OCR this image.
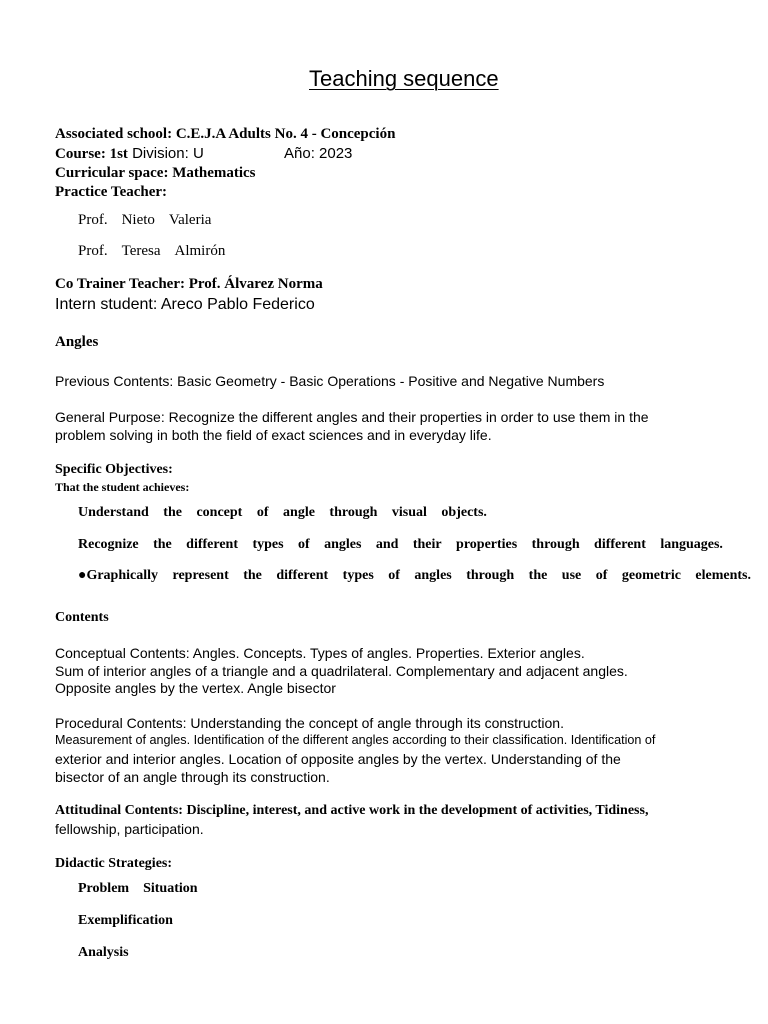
Teaching sequence
Associated school: C.E.J.A Adults No. 4 - Concepción
Course: 1st Division: U	Año: 2023
Curricular space: Mathematics
Practice Teacher:
Prof. Nieto Valeria
Prof. Teresa Almirón
Co Trainer Teacher: Prof. Álvarez Norma
Intern student: Areco Pablo Federico
Angles
Previous Contents: Basic Geometry - Basic Operations - Positive and Negative Numbers
General Purpose: Recognize the different angles and their properties in order to use them in the
problem solving in both the field of exact sciences and in everyday life.
Specific Objectives:
That the student achieves:
Understand the concept of angle through visual objects.
Recognize the different types of angles and their properties through different languages.
●Graphically represent the different types of angles through the use of geometric elements.
Contents
Conceptual Contents: Angles. Concepts. Types of angles. Properties. Exterior angles.
Sum of interior angles of a triangle and a quadrilateral. Complementary and adjacent angles.
Opposite angles by the vertex. Angle bisector
Procedural Contents: Understanding the concept of angle through its construction.
Measurement of angles. Identification of the different angles according to their classification. Identification of
exterior and interior angles. Location of opposite angles by the vertex. Understanding of the
bisector of an angle through its construction.
Attitudinal Contents: Discipline, interest, and active work in the development of activities, Tidiness,
fellowship, participation.
Didactic Strategies:
Problem Situation
Exemplification
Analysis
